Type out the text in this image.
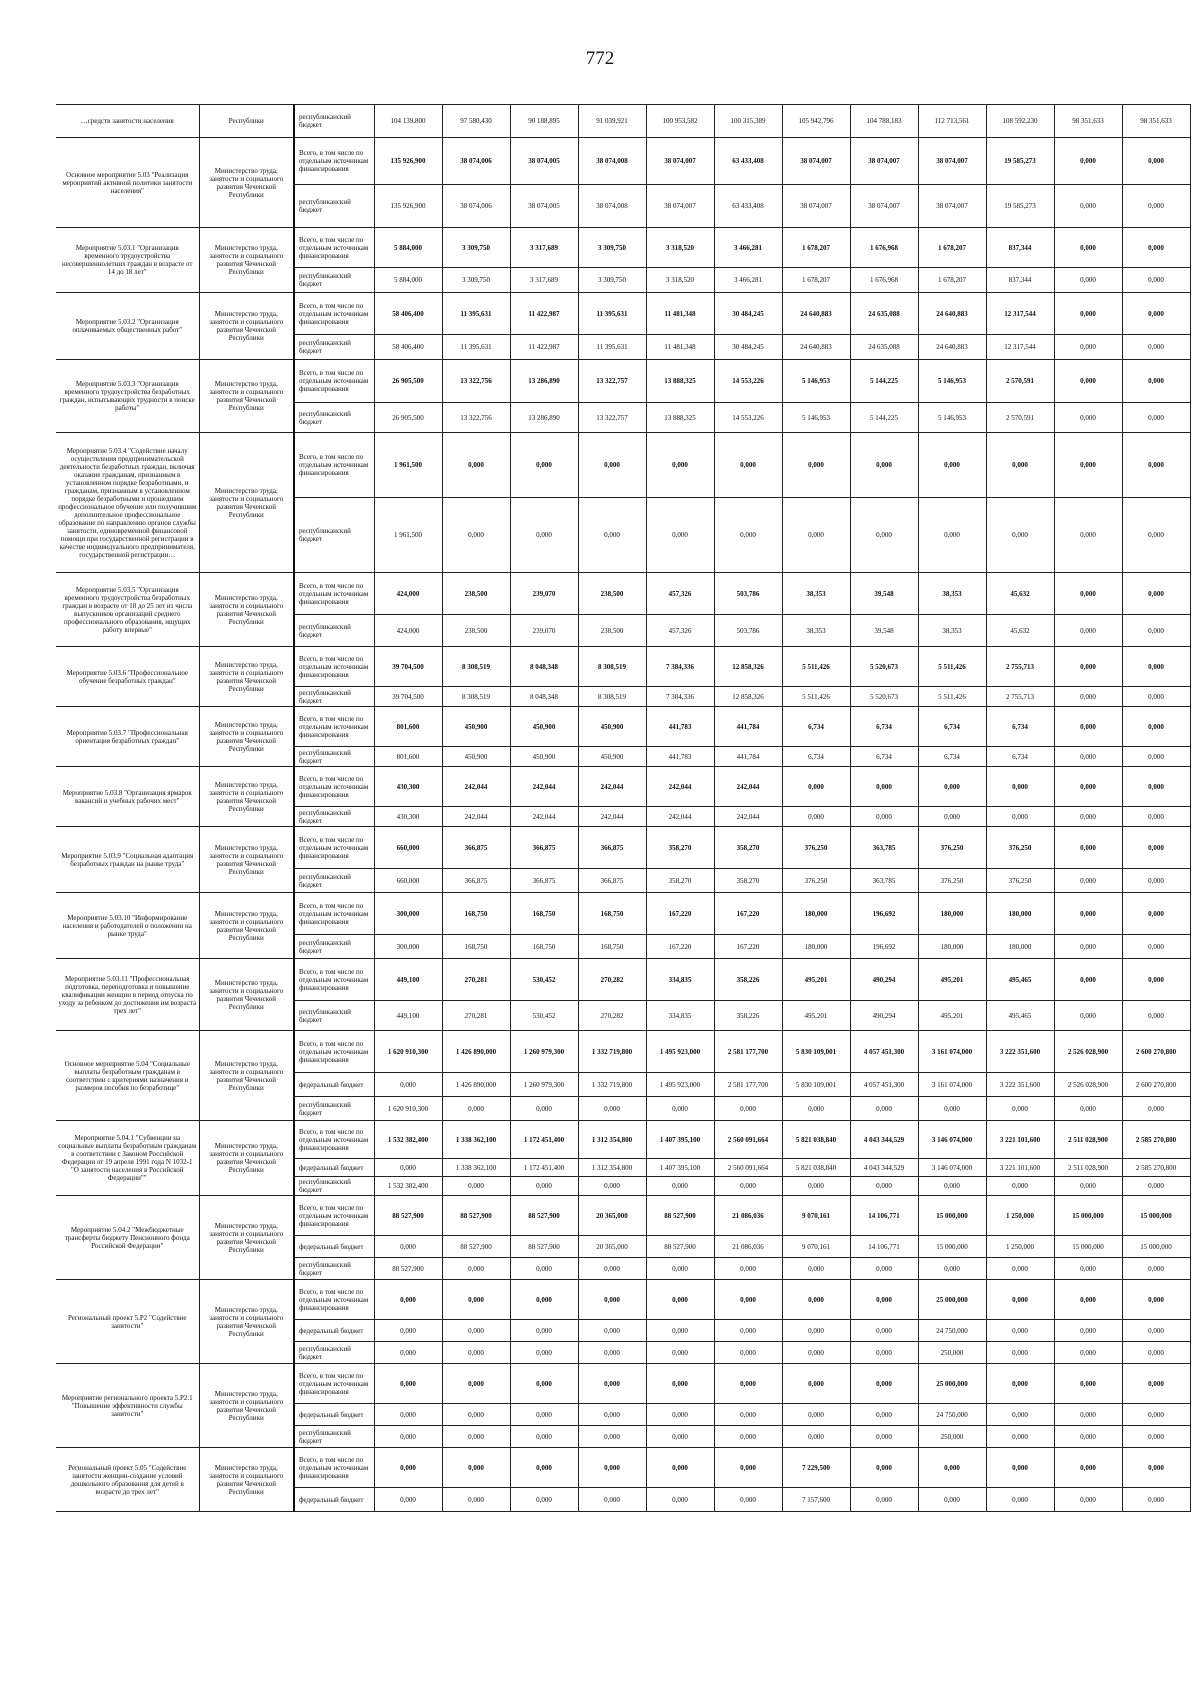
772
…средств занятости населения	Республики	республиканский бюджет	104 139,800	97 580,430	90 188,895	91 039,921	100 953,582	100 315,389	105 942,796	104 788,183	112 713,561	108 592,230	98 351,633	98 351,633
Основное мероприятие 5.03 "Реализация мероприятий активной политики занятости населения"	Министерство труда, занятости и социального развития Чеченской Республики	Всего, в том числе по отдельным источникам финансирования	135 926,900	38 074,006	38 074,005	38 074,008	38 074,007	63 433,408	38 074,007	38 074,007	38 074,007	19 585,273	0,000	0,000
		республиканский бюджет	135 926,900	38 074,006	38 074,005	38 074,008	38 074,007	63 433,408	38 074,007	38 074,007	38 074,007	19 585,273	0,000	0,000
Мероприятие 5.03.1 "Организация временного трудоустройства несовершеннолетних граждан в возрасте от 14 до 18 лет"	Министерство труда, занятости и социального развития Чеченской Республики	Всего, в том числе по отдельным источникам финансирования	5 884,000	3 309,750	3 317,689	3 309,750	3 318,520	3 466,281	1 678,207	1 676,968	1 678,207	837,344	0,000	0,000
		республиканский бюджет	5 884,000	3 309,750	3 317,689	3 309,750	3 318,520	3 466,281	1 678,207	1 676,968	1 678,207	837,344	0,000	0,000
Мероприятие 5.03.2 "Организация оплачиваемых общественных работ"	Министерство труда, занятости и социального развития Чеченской Республики	Всего, в том числе по отдельным источникам финансирования	58 406,400	11 395,631	11 422,987	11 395,631	11 481,348	30 484,245	24 640,883	24 635,088	24 640,883	12 317,544	0,000	0,000
		республиканский бюджет	58 406,400	11 395,631	11 422,987	11 395,631	11 481,348	30 484,245	24 640,883	24 635,088	24 640,883	12 317,544	0,000	0,000
Мероприятие 5.03.3 "Организация временного трудоустройства безработных граждан, испытывающих трудности в поиске работы"	Министерство труда, занятости и социального развития Чеченской Республики	Всего, в том числе по отдельным источникам финансирования	26 905,500	13 322,756	13 286,890	13 322,757	13 888,325	14 553,226	5 146,953	5 144,225	5 146,953	2 570,591	0,000	0,000
		республиканский бюджет	26 905,500	13 322,756	13 286,890	13 322,757	13 888,325	14 553,226	5 146,953	5 144,225	5 146,953	2 570,591	0,000	0,000
Мероприятие 5.03.4 "Содействие началу осуществления предпринимательской деятельности безработных граждан, включая оказание гражданам, признанным в установленном порядке безработными, и гражданам, признанным в установленном порядке безработными и прошедшим профессиональное обучение или получившим дополнительное профессиональное образование по направлению органов службы занятости, единовременной финансовой помощи при государственной регистрации в качестве индивидуального предпринимателя, государственной регистрации…	Министерство труда, занятости и социального развития Чеченской Республики	Всего, в том числе по отдельным источникам финансирования	1 961,500	0,000	0,000	0,000	0,000	0,000	0,000	0,000	0,000	0,000	0,000	0,000
		республиканский бюджет	1 961,500	0,000	0,000	0,000	0,000	0,000	0,000	0,000	0,000	0,000	0,000	0,000
Мероприятие 5.03.5 "Организация временного трудоустройства безработных граждан в возрасте от 18 до 25 лет из числа выпускников организаций среднего профессионального образования, ищущих работу впервые"	Министерство труда, занятости и социального развития Чеченской Республики	Всего, в том числе по отдельным источникам финансирования	424,000	238,500	239,070	238,500	457,326	503,786	38,353	39,548	38,353	45,632	0,000	0,000
		республиканский бюджет	424,000	238,500	239,070	238,500	457,326	503,786	38,353	39,548	38,353	45,632	0,000	0,000
Мероприятие 5.03.6 "Профессиональное обучение безработных граждан"	Министерство труда, занятости и социального развития Чеченской Республики	Всего, в том числе по отдельным источникам финансирования	39 704,500	8 308,519	8 048,348	8 308,519	7 384,336	12 858,326	5 511,426	5 520,673	5 511,426	2 755,713	0,000	0,000
		республиканский бюджет	39 704,500	8 308,519	8 048,348	8 308,519	7 384,336	12 858,326	5 511,426	5 520,673	5 511,426	2 755,713	0,000	0,000
Мероприятие 5.03.7 "Профессиональная ориентация безработных граждан"	Министерство труда, занятости и социального развития Чеченской Республики	Всего, в том числе по отдельным источникам финансирования	801,600	450,900	450,900	450,900	441,783	441,784	6,734	6,734	6,734	6,734	0,000	0,000
		республиканский бюджет	801,600	450,900	450,900	450,900	441,783	441,784	6,734	6,734	6,734	6,734	0,000	0,000
Мероприятие 5.03.8 "Организация ярмарок вакансий и учебных рабочих мест"	Министерство труда, занятости и социального развития Чеченской Республики	Всего, в том числе по отдельным источникам финансирования	430,300	242,044	242,044	242,044	242,044	242,044	0,000	0,000	0,000	0,000	0,000	0,000
		республиканский бюджет	430,300	242,044	242,044	242,044	242,044	242,044	0,000	0,000	0,000	0,000	0,000	0,000
Мероприятие 5.03.9 "Социальная адаптация безработных граждан на рынке труда"	Министерство труда, занятости и социального развития Чеченской Республики	Всего, в том числе по отдельным источникам финансирования	660,000	366,875	366,875	366,875	358,270	358,270	376,250	363,785	376,250	376,250	0,000	0,000
		республиканский бюджет	660,000	366,875	366,875	366,875	358,270	358,270	376,250	363,785	376,250	376,250	0,000	0,000
Мероприятие 5.03.10 "Информирование населения и работодателей о положении на рынке труда"	Министерство труда, занятости и социального развития Чеченской Республики	Всего, в том числе по отдельным источникам финансирования	300,000	168,750	168,750	168,750	167,220	167,220	180,000	196,692	180,000	180,000	0,000	0,000
		республиканский бюджет	300,000	168,750	168,750	168,750	167,220	167,220	180,000	196,692	180,000	180,000	0,000	0,000
Мероприятие 5.03.11 "Профессиональная подготовка, переподготовка и повышение квалификации женщин в период отпуска по уходу за ребенком до достижения им возраста трех лет"	Министерство труда, занятости и социального развития Чеченской Республики	Всего, в том числе по отдельным источникам финансирования	449,100	270,281	530,452	270,282	334,835	358,226	495,201	490,294	495,201	495,465	0,000	0,000
		республиканский бюджет	449,100	270,281	530,452	270,282	334,835	358,226	495,201	490,294	495,201	495,465	0,000	0,000
Основное мероприятие 5.04 "Социальные выплаты безработным гражданам в соответствии с критериями назначения и размеров пособия по безработице"	Министерство труда, занятости и социального развития Чеченской Республики	Всего, в том числе по отдельным источникам финансирования	1 620 910,300	1 426 890,000	1 260 979,300	1 332 719,800	1 495 923,000	2 581 177,700	5 830 109,001	4 057 451,300	3 161 074,000	3 222 351,600	2 526 028,900	2 600 270,800
		федеральный бюджет	0,000	1 426 890,000	1 260 979,300	1 332 719,800	1 495 923,000	2 581 177,700	5 830 109,001	4 057 451,300	3 161 074,000	3 222 351,600	2 526 028,900	2 600 270,800
		республиканский бюджет	1 620 910,300	0,000	0,000	0,000	0,000	0,000	0,000	0,000	0,000	0,000	0,000	0,000
Мероприятие 5.04.1 "Субвенции на социальные выплаты безработным гражданам в соответствии с Законом Российской Федерации от 19 апреля 1991 года N 1032-1 "О занятости населения в Российской Федерации""	Министерство труда, занятости и социального развития Чеченской Республики	Всего, в том числе по отдельным источникам финансирования	1 532 382,400	1 338 362,100	1 172 451,400	1 312 354,800	1 407 395,100	2 560 091,664	5 821 038,840	4 043 344,529	3 146 074,000	3 221 101,600	2 511 028,900	2 585 270,800
		федеральный бюджет	0,000	1 338 362,100	1 172 451,400	1 312 354,800	1 407 395,100	2 560 091,664	5 821 038,840	4 043 344,529	3 146 074,000	3 221 101,600	2 511 028,900	2 585 270,800
		республиканский бюджет	1 532 382,400	0,000	0,000	0,000	0,000	0,000	0,000	0,000	0,000	0,000	0,000	0,000
Мероприятие 5.04.2 "Межбюджетные трансферты бюджету Пенсионного фонда Российской Федерации"	Министерство труда, занятости и социального развития Чеченской Республики	Всего, в том числе по отдельным источникам финансирования	88 527,900	88 527,900	88 527,900	20 365,000	88 527,900	21 086,036	9 070,161	14 106,771	15 000,000	1 250,000	15 000,000	15 000,000
		федеральный бюджет	0,000	88 527,900	88 527,900	20 365,000	88 527,900	21 086,036	9 070,161	14 106,771	15 000,000	1 250,000	15 000,000	15 000,000
		республиканский бюджет	88 527,900	0,000	0,000	0,000	0,000	0,000	0,000	0,000	0,000	0,000	0,000	0,000
Региональный проект 5.Р2 "Содействие занятости"	Министерство труда, занятости и социального развития Чеченской Республики	Всего, в том числе по отдельным источникам финансирования	0,000	0,000	0,000	0,000	0,000	0,000	0,000	0,000	25 000,000	0,000	0,000	0,000
		федеральный бюджет	0,000	0,000	0,000	0,000	0,000	0,000	0,000	0,000	24 750,000	0,000	0,000	0,000
		республиканский бюджет	0,000	0,000	0,000	0,000	0,000	0,000	0,000	0,000	250,000	0,000	0,000	0,000
Мероприятие регионального проекта 5.Р2.1 "Повышение эффективности службы занятости"	Министерство труда, занятости и социального развития Чеченской Республики	Всего, в том числе по отдельным источникам финансирования	0,000	0,000	0,000	0,000	0,000	0,000	0,000	0,000	25 000,000	0,000	0,000	0,000
		федеральный бюджет	0,000	0,000	0,000	0,000	0,000	0,000	0,000	0,000	24 750,000	0,000	0,000	0,000
		республиканский бюджет	0,000	0,000	0,000	0,000	0,000	0,000	0,000	0,000	250,000	0,000	0,000	0,000
Региональный проект 5.05 "Содействие занятости женщин-создание условий дошкольного образования для детей в возрасте до трех лет"	Министерство труда, занятости и социального развития Чеченской Республики	Всего, в том числе по отдельным источникам финансирования	0,000	0,000	0,000	0,000	0,000	0,000	7 229,500	0,000	0,000	0,000	0,000	0,000
		федеральный бюджет	0,000	0,000	0,000	0,000	0,000	0,000	7 157,600	0,000	0,000	0,000	0,000	0,000
